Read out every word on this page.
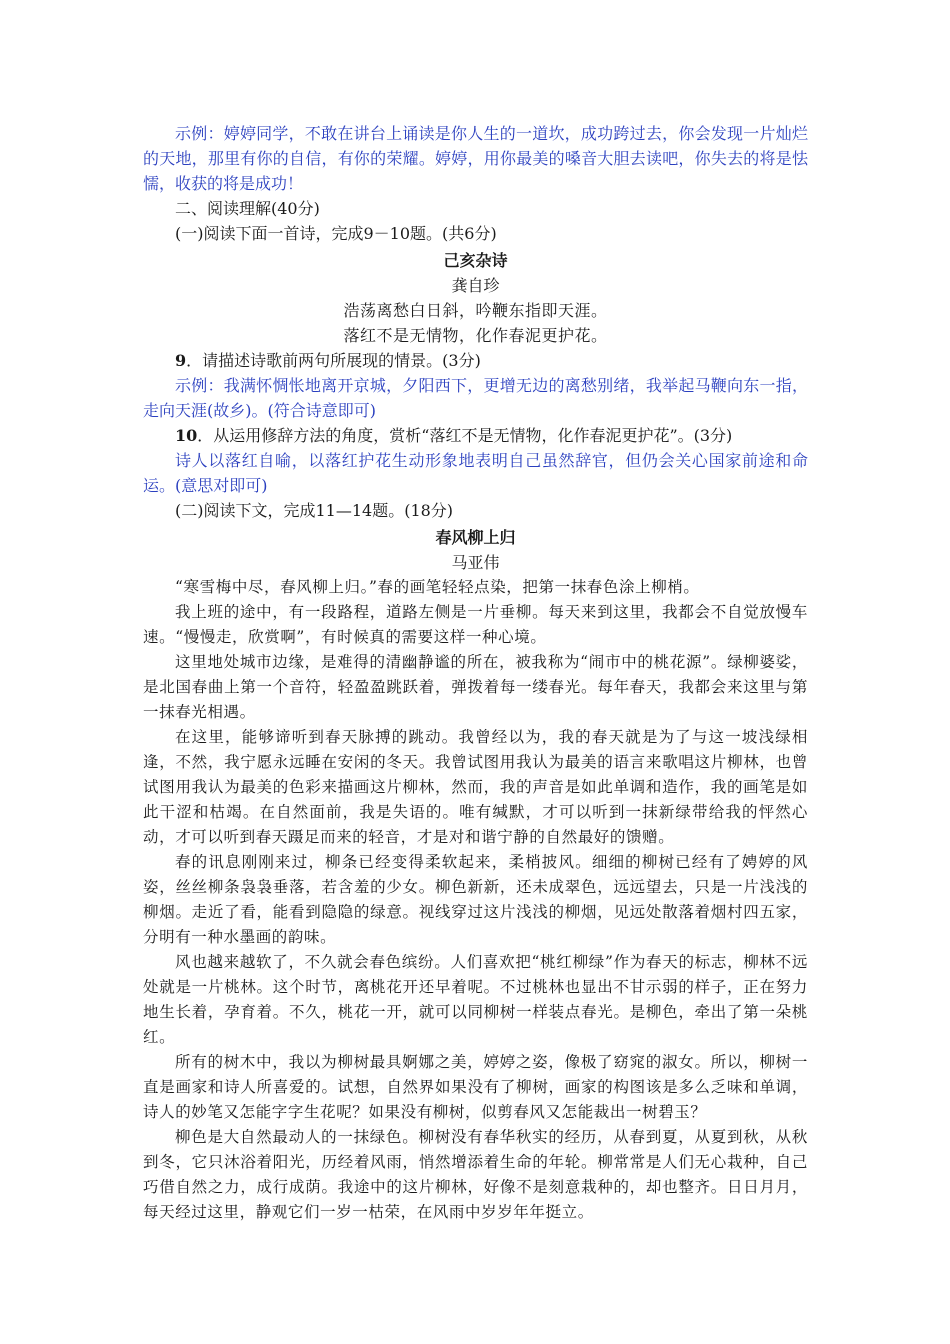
示例：婷婷同学，不敢在讲台上诵读是你人生的一道坎，成功跨过去，你会发现一片灿烂的天地，那里有你的自信，有你的荣耀。婷婷，用你最美的嗓音大胆去读吧，你失去的将是怯懦，收获的将是成功！

二、阅读理解(40分)

(一)阅读下面一首诗，完成9－10题。(共6分)

己亥杂诗

龚自珍

浩荡离愁白日斜，吟鞭东指即天涯。

落红不是无情物，化作春泥更护花。

9．请描述诗歌前两句所展现的情景。(3分)

示例：我满怀惆怅地离开京城，夕阳西下，更增无边的离愁别绪，我举起马鞭向东一指，走向天涯(故乡)。(符合诗意即可)

10．从运用修辞方法的角度，赏析“落红不是无情物，化作春泥更护花”。(3分)

诗人以落红自喻，以落红护花生动形象地表明自己虽然辞官，但仍会关心国家前途和命运。(意思对即可)

(二)阅读下文，完成11—14题。(18分)

春风柳上归

马亚伟

“寒雪梅中尽，春风柳上归。”春的画笔轻轻点染，把第一抹春色涂上柳梢。

我上班的途中，有一段路程，道路左侧是一片垂柳。每天来到这里，我都会不自觉放慢车速。“慢慢走，欣赏啊”，有时候真的需要这样一种心境。

这里地处城市边缘，是难得的清幽静谧的所在，被我称为“闹市中的桃花源”。绿柳婆娑，是北国春曲上第一个音符，轻盈盈跳跃着，弹拨着每一缕春光。每年春天，我都会来这里与第一抹春光相遇。

在这里，能够谛听到春天脉搏的跳动。我曾经以为，我的春天就是为了与这一坡浅绿相逢，不然，我宁愿永远睡在安闲的冬天。我曾试图用我认为最美的语言来歌唱这片柳林，也曾试图用我认为最美的色彩来描画这片柳林，然而，我的声音是如此单调和造作，我的画笔是如此干涩和枯竭。在自然面前，我是失语的。唯有缄默，才可以听到一抹新绿带给我的怦然心动，才可以听到春天蹑足而来的轻音，才是对和谐宁静的自然最好的馈赠。

春的讯息刚刚来过，柳条已经变得柔软起来，柔梢披风。细细的柳树已经有了娉婷的风姿，丝丝柳条袅袅垂落，若含羞的少女。柳色新新，还未成翠色，远远望去，只是一片浅浅的柳烟。走近了看，能看到隐隐的绿意。视线穿过这片浅浅的柳烟，见远处散落着烟村四五家，分明有一种水墨画的韵味。

风也越来越软了，不久就会春色缤纷。人们喜欢把“桃红柳绿”作为春天的标志，柳林不远处就是一片桃林。这个时节，离桃花开还早着呢。不过桃林也显出不甘示弱的样子，正在努力地生长着，孕育着。不久，桃花一开，就可以同柳树一样装点春光。是柳色，牵出了第一朵桃红。

所有的树木中，我以为柳树最具婀娜之美，婷婷之姿，像极了窈窕的淑女。所以，柳树一直是画家和诗人所喜爱的。试想，自然界如果没有了柳树，画家的构图该是多么乏味和单调，诗人的妙笔又怎能字字生花呢？如果没有柳树，似剪春风又怎能裁出一树碧玉？

柳色是大自然最动人的一抹绿色。柳树没有春华秋实的经历，从春到夏，从夏到秋，从秋到冬，它只沐浴着阳光，历经着风雨，悄然增添着生命的年轮。柳常常是人们无心栽种，自己巧借自然之力，成行成荫。我途中的这片柳林，好像不是刻意栽种的，却也整齐。日日月月，每天经过这里，静观它们一岁一枯荣，在风雨中岁岁年年挺立。
